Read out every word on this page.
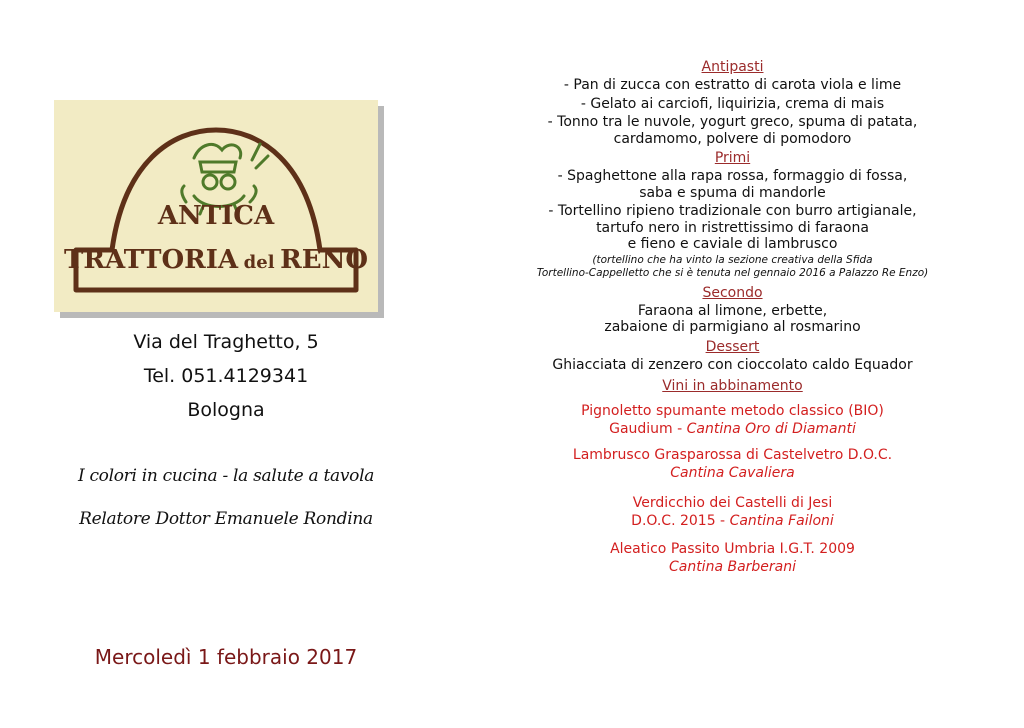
ANTICA
TRATTORIA del RENO
Via del Traghetto, 5
Tel. 051.4129341
Bologna
I colori in cucina - la salute a tavola
Relatore Dottor Emanuele Rondina
Mercoledì 1 febbraio 2017
Antipasti
- Pan di zucca con estratto di carota viola e lime
- Gelato ai carciofi, liquirizia, crema di mais
- Tonno tra le nuvole, yogurt greco, spuma di patata,
cardamomo, polvere di pomodoro
Primi
- Spaghettone alla rapa rossa, formaggio di fossa,
saba e spuma di mandorle
- Tortellino ripieno tradizionale con burro artigianale,
tartufo nero in ristrettissimo di faraona
e fieno e caviale di lambrusco
(tortellino che ha vinto la sezione creativa della Sfida
Tortellino-Cappelletto che si è tenuta nel gennaio 2016 a Palazzo Re Enzo)
Secondo
Faraona al limone, erbette,
zabaione di parmigiano al rosmarino
Dessert
Ghiacciata di zenzero con cioccolato caldo Equador
Vini in abbinamento
Pignoletto spumante metodo classico (BIO)
Gaudium - Cantina Oro di Diamanti
Lambrusco Grasparossa di Castelvetro D.O.C.
Cantina Cavaliera
Verdicchio dei Castelli di Jesi
D.O.C. 2015 - Cantina Failoni
Aleatico Passito Umbria I.G.T. 2009
Cantina Barberani
